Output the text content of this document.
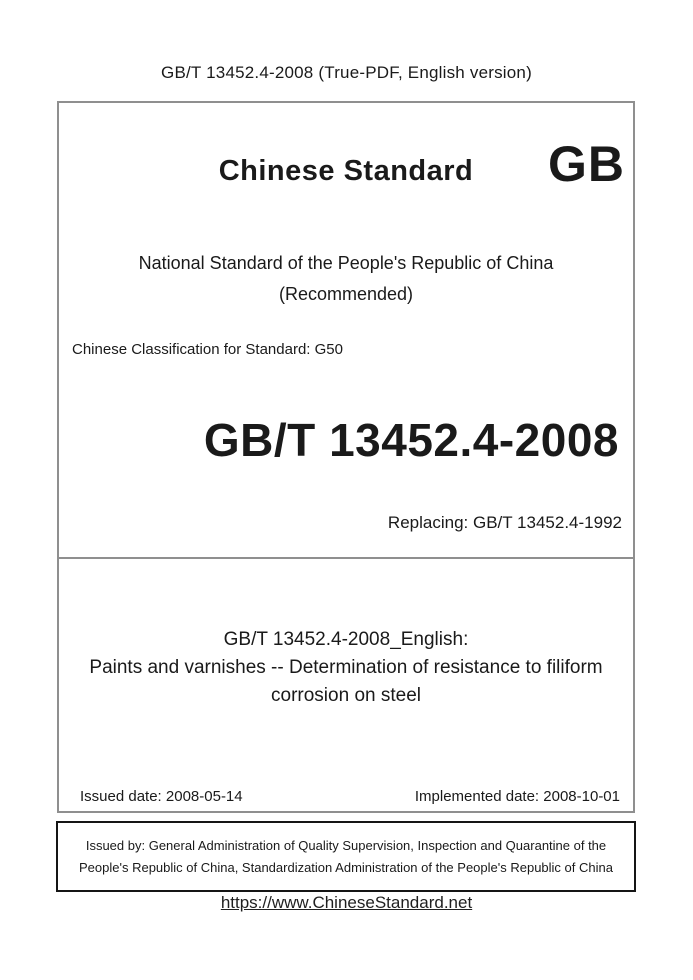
GB/T 13452.4-2008 (True-PDF, English version)
Chinese Standard	GB
National Standard of the People's Republic of China
(Recommended)
Chinese Classification for Standard: G50
GB/T 13452.4-2008
Replacing: GB/T 13452.4-1992
GB/T 13452.4-2008_English:
Paints and varnishes -- Determination of resistance to filiform corrosion on steel
Issued date: 2008-05-14	Implemented date: 2008-10-01
Issued by: General Administration of Quality Supervision, Inspection and Quarantine of the People's Republic of China, Standardization Administration of the People's Republic of China
https://www.ChineseStandard.net
